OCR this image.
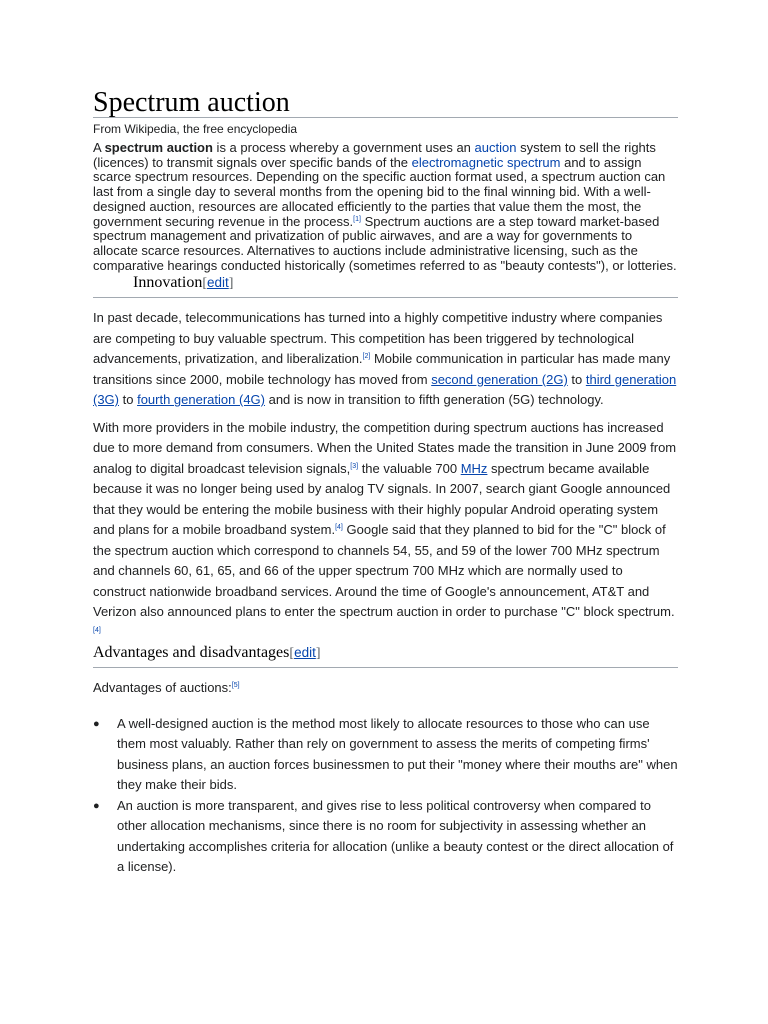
Spectrum auction
From Wikipedia, the free encyclopedia

A spectrum auction is a process whereby a government uses an auction system to sell the rights (licences) to transmit signals over specific bands of the electromagnetic spectrum and to assign scarce spectrum resources. Depending on the specific auction format used, a spectrum auction can last from a single day to several months from the opening bid to the final winning bid. With a well-designed auction, resources are allocated efficiently to the parties that value them the most, the government securing revenue in the process.[1] Spectrum auctions are a step toward market-based spectrum management and privatization of public airwaves, and are a way for governments to allocate scarce resources. Alternatives to auctions include administrative licensing, such as the comparative hearings conducted historically (sometimes referred to as "beauty contests"), or lotteries.

Innovation[edit]

In past decade, telecommunications has turned into a highly competitive industry where companies are competing to buy valuable spectrum. This competition has been triggered by technological advancements, privatization, and liberalization.[2] Mobile communication in particular has made many transitions since 2000, mobile technology has moved from second generation (2G) to third generation (3G) to fourth generation (4G) and is now in transition to fifth generation (5G) technology.

With more providers in the mobile industry, the competition during spectrum auctions has increased due to more demand from consumers. When the United States made the transition in June 2009 from analog to digital broadcast television signals,[3] the valuable 700 MHz spectrum became available because it was no longer being used by analog TV signals. In 2007, search giant Google announced that they would be entering the mobile business with their highly popular Android operating system and plans for a mobile broadband system.[4] Google said that they planned to bid for the "C" block of the spectrum auction which correspond to channels 54, 55, and 59 of the lower 700 MHz spectrum and channels 60, 61, 65, and 66 of the upper spectrum 700 MHz which are normally used to construct nationwide broadband services. Around the time of Google's announcement, AT&T and Verizon also announced plans to enter the spectrum auction in order to purchase "C" block spectrum.[4]

Advantages and disadvantages[edit]

Advantages of auctions:[5]

● A well-designed auction is the method most likely to allocate resources to those who can use them most valuably. Rather than rely on government to assess the merits of competing firms' business plans, an auction forces businessmen to put their "money where their mouths are" when they make their bids.
● An auction is more transparent, and gives rise to less political controversy when compared to other allocation mechanisms, since there is no room for subjectivity in assessing whether an undertaking accomplishes criteria for allocation (unlike a beauty contest or the direct allocation of a license).
